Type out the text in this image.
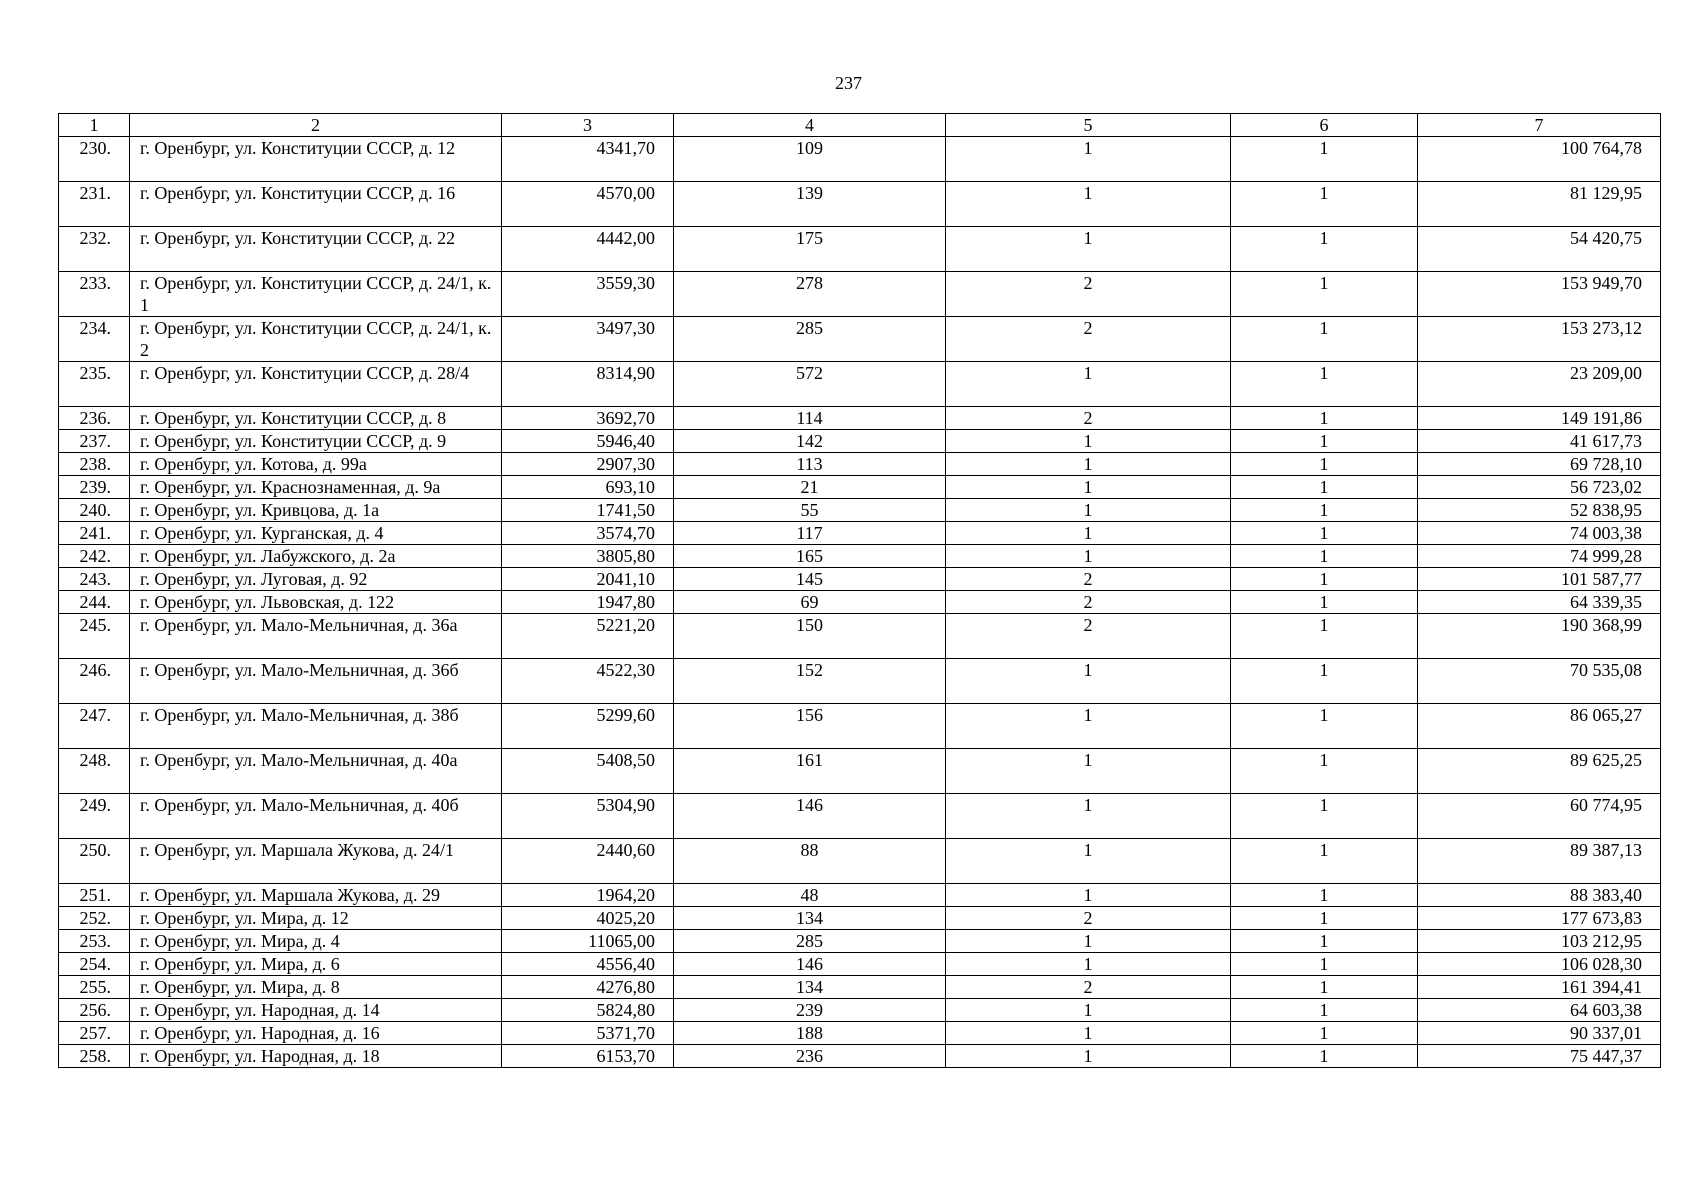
237
1	2	3	4	5	6	7
230.	г. Оренбург, ул. Конституции СССР, д. 12	4341,70	109	1	1	100 764,78
231.	г. Оренбург, ул. Конституции СССР, д. 16	4570,00	139	1	1	81 129,95
232.	г. Оренбург, ул. Конституции СССР, д. 22	4442,00	175	1	1	54 420,75
233.	г. Оренбург, ул. Конституции СССР, д. 24/1, к. 1	3559,30	278	2	1	153 949,70
234.	г. Оренбург, ул. Конституции СССР, д. 24/1, к. 2	3497,30	285	2	1	153 273,12
235.	г. Оренбург, ул. Конституции СССР, д. 28/4	8314,90	572	1	1	23 209,00
236.	г. Оренбург, ул. Конституции СССР, д. 8	3692,70	114	2	1	149 191,86
237.	г. Оренбург, ул. Конституции СССР, д. 9	5946,40	142	1	1	41 617,73
238.	г. Оренбург, ул. Котова, д. 99а	2907,30	113	1	1	69 728,10
239.	г. Оренбург, ул. Краснознаменная, д. 9а	693,10	21	1	1	56 723,02
240.	г. Оренбург, ул. Кривцова, д. 1а	1741,50	55	1	1	52 838,95
241.	г. Оренбург, ул. Курганская, д. 4	3574,70	117	1	1	74 003,38
242.	г. Оренбург, ул. Лабужского, д. 2а	3805,80	165	1	1	74 999,28
243.	г. Оренбург, ул. Луговая, д. 92	2041,10	145	2	1	101 587,77
244.	г. Оренбург, ул. Львовская, д. 122	1947,80	69	2	1	64 339,35
245.	г. Оренбург, ул. Мало-Мельничная, д. 36а	5221,20	150	2	1	190 368,99
246.	г. Оренбург, ул. Мало-Мельничная, д. 36б	4522,30	152	1	1	70 535,08
247.	г. Оренбург, ул. Мало-Мельничная, д. 38б	5299,60	156	1	1	86 065,27
248.	г. Оренбург, ул. Мало-Мельничная, д. 40а	5408,50	161	1	1	89 625,25
249.	г. Оренбург, ул. Мало-Мельничная, д. 40б	5304,90	146	1	1	60 774,95
250.	г. Оренбург, ул. Маршала Жукова, д. 24/1	2440,60	88	1	1	89 387,13
251.	г. Оренбург, ул. Маршала Жукова, д. 29	1964,20	48	1	1	88 383,40
252.	г. Оренбург, ул. Мира, д. 12	4025,20	134	2	1	177 673,83
253.	г. Оренбург, ул. Мира, д. 4	11065,00	285	1	1	103 212,95
254.	г. Оренбург, ул. Мира, д. 6	4556,40	146	1	1	106 028,30
255.	г. Оренбург, ул. Мира, д. 8	4276,80	134	2	1	161 394,41
256.	г. Оренбург, ул. Народная, д. 14	5824,80	239	1	1	64 603,38
257.	г. Оренбург, ул. Народная, д. 16	5371,70	188	1	1	90 337,01
258.	г. Оренбург, ул. Народная, д. 18	6153,70	236	1	1	75 447,37
